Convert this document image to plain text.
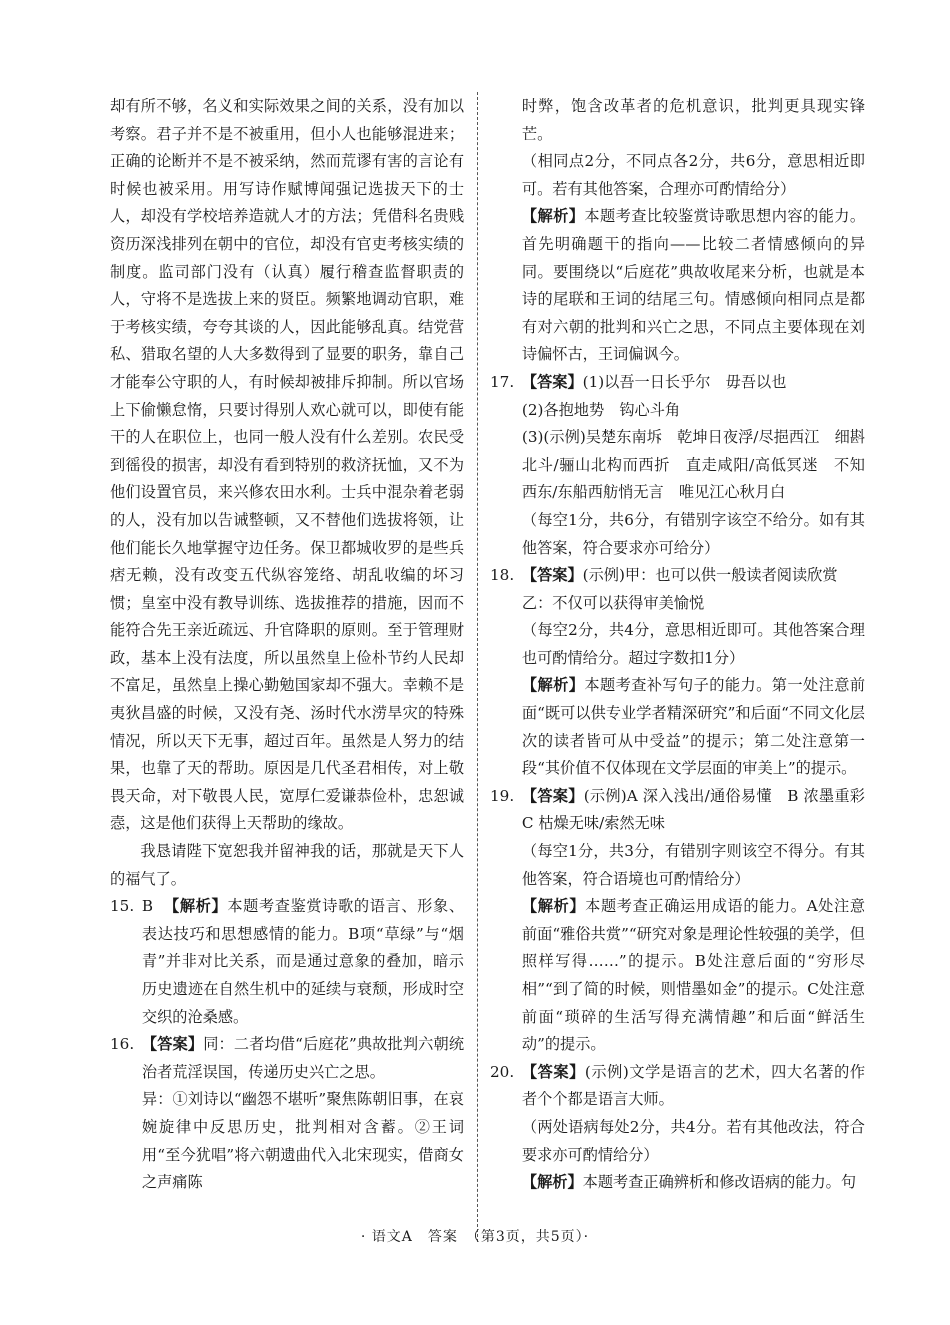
却有所不够，名义和实际效果之间的关系，没有加以考察。君子并不是不被重用，但小人也能够混进来；正确的论断并不是不被采纳，然而荒谬有害的言论有时候也被采用。用写诗作赋博闻强记选拔天下的士人，却没有学校培养造就人才的方法；凭借科名贵贱资历深浅排列在朝中的官位，却没有官吏考核实绩的制度。监司部门没有（认真）履行稽查监督职责的人，守将不是选拔上来的贤臣。频繁地调动官职，难于考核实绩，夸夸其谈的人，因此能够乱真。结党营私、猎取名望的人大多数得到了显要的职务，靠自己才能奉公守职的人，有时候却被排斥抑制。所以官场上下偷懒怠惰，只要讨得别人欢心就可以，即使有能干的人在职位上，也同一般人没有什么差别。农民受到徭役的损害，却没有看到特别的救济抚恤，又不为他们设置官员，来兴修农田水利。士兵中混杂着老弱的人，没有加以告诫整顿，又不替他们选拔将领，让他们能长久地掌握守边任务。保卫都城收罗的是些兵痞无赖，没有改变五代纵容笼络、胡乱收编的坏习惯；皇室中没有教导训练、选拔推荐的措施，因而不能符合先王亲近疏远、升官降职的原则。至于管理财政，基本上没有法度，所以虽然皇上俭朴节约人民却不富足，虽然皇上操心勤勉国家却不强大。幸赖不是夷狄昌盛的时候，又没有尧、汤时代水涝旱灾的特殊情况，所以天下无事，超过百年。虽然是人努力的结果，也靠了天的帮助。原因是几代圣君相传，对上敬畏天命，对下敬畏人民，宽厚仁爱谦恭俭朴，忠恕诚悫，这是他们获得上天帮助的缘故。

我恳请陛下宽恕我并留神我的话，那就是天下人的福气了。

15. B 【解析】本题考查鉴赏诗歌的语言、形象、表达技巧和思想感情的能力。B项“草绿”与“烟青”并非对比关系，而是通过意象的叠加，暗示历史遗迹在自然生机中的延续与衰颓，形成时空交织的沧桑感。

16. 【答案】同：二者均借“后庭花”典故批判六朝统治者荒淫误国，传递历史兴亡之思。

异：①刘诗以“幽怨不堪听”聚焦陈朝旧事，在哀婉旋律中反思历史，批判相对含蓄。②王词用“至今犹唱”将六朝遗曲代入北宋现实，借商女之声痛陈

时弊，饱含改革者的危机意识，批判更具现实锋芒。

（相同点2分，不同点各2分，共6分，意思相近即可。若有其他答案，合理亦可酌情给分）

【解析】本题考查比较鉴赏诗歌思想内容的能力。首先明确题干的指向——比较二者情感倾向的异同。要围绕以“后庭花”典故收尾来分析，也就是本诗的尾联和王词的结尾三句。情感倾向相同点是都有对六朝的批判和兴亡之思，不同点主要体现在刘诗偏怀古，王词偏讽今。

17. 【答案】(1)以吾一日长乎尔　毋吾以也

(2)各抱地势　钩心斗角

(3)(示例)吴楚东南坼　乾坤日夜浮/尽挹西江　细斟北斗/骊山北构而西折　直走咸阳/高低冥迷　不知西东/东船西舫悄无言　唯见江心秋月白

（每空1分，共6分，有错别字该空不给分。如有其他答案，符合要求亦可给分）

18. 【答案】(示例)甲：也可以供一般读者阅读欣赏

乙：不仅可以获得审美愉悦

（每空2分，共4分，意思相近即可。其他答案合理也可酌情给分。超过字数扣1分）

【解析】本题考查补写句子的能力。第一处注意前面“既可以供专业学者精深研究”和后面“不同文化层次的读者皆可从中受益”的提示；第二处注意第一段“其价值不仅体现在文学层面的审美上”的提示。

19. 【答案】(示例)A 深入浅出/通俗易懂　B 浓墨重彩　C 枯燥无味/索然无味

（每空1分，共3分，有错别字则该空不得分。有其他答案，符合语境也可酌情给分）

【解析】本题考查正确运用成语的能力。A处注意前面“雅俗共赏”“研究对象是理论性较强的美学，但照样写得……”的提示。B处注意后面的“穷形尽相”“到了简的时候，则惜墨如金”的提示。C处注意前面“琐碎的生活写得充满情趣”和后面“鲜活生动”的提示。

20. 【答案】(示例)文学是语言的艺术，四大名著的作者个个都是语言大师。

（两处语病每处2分，共4分。若有其他改法，符合要求亦可酌情给分）

【解析】本题考查正确辨析和修改语病的能力。句

· 语文A　答案　（第3页，共5页）·
